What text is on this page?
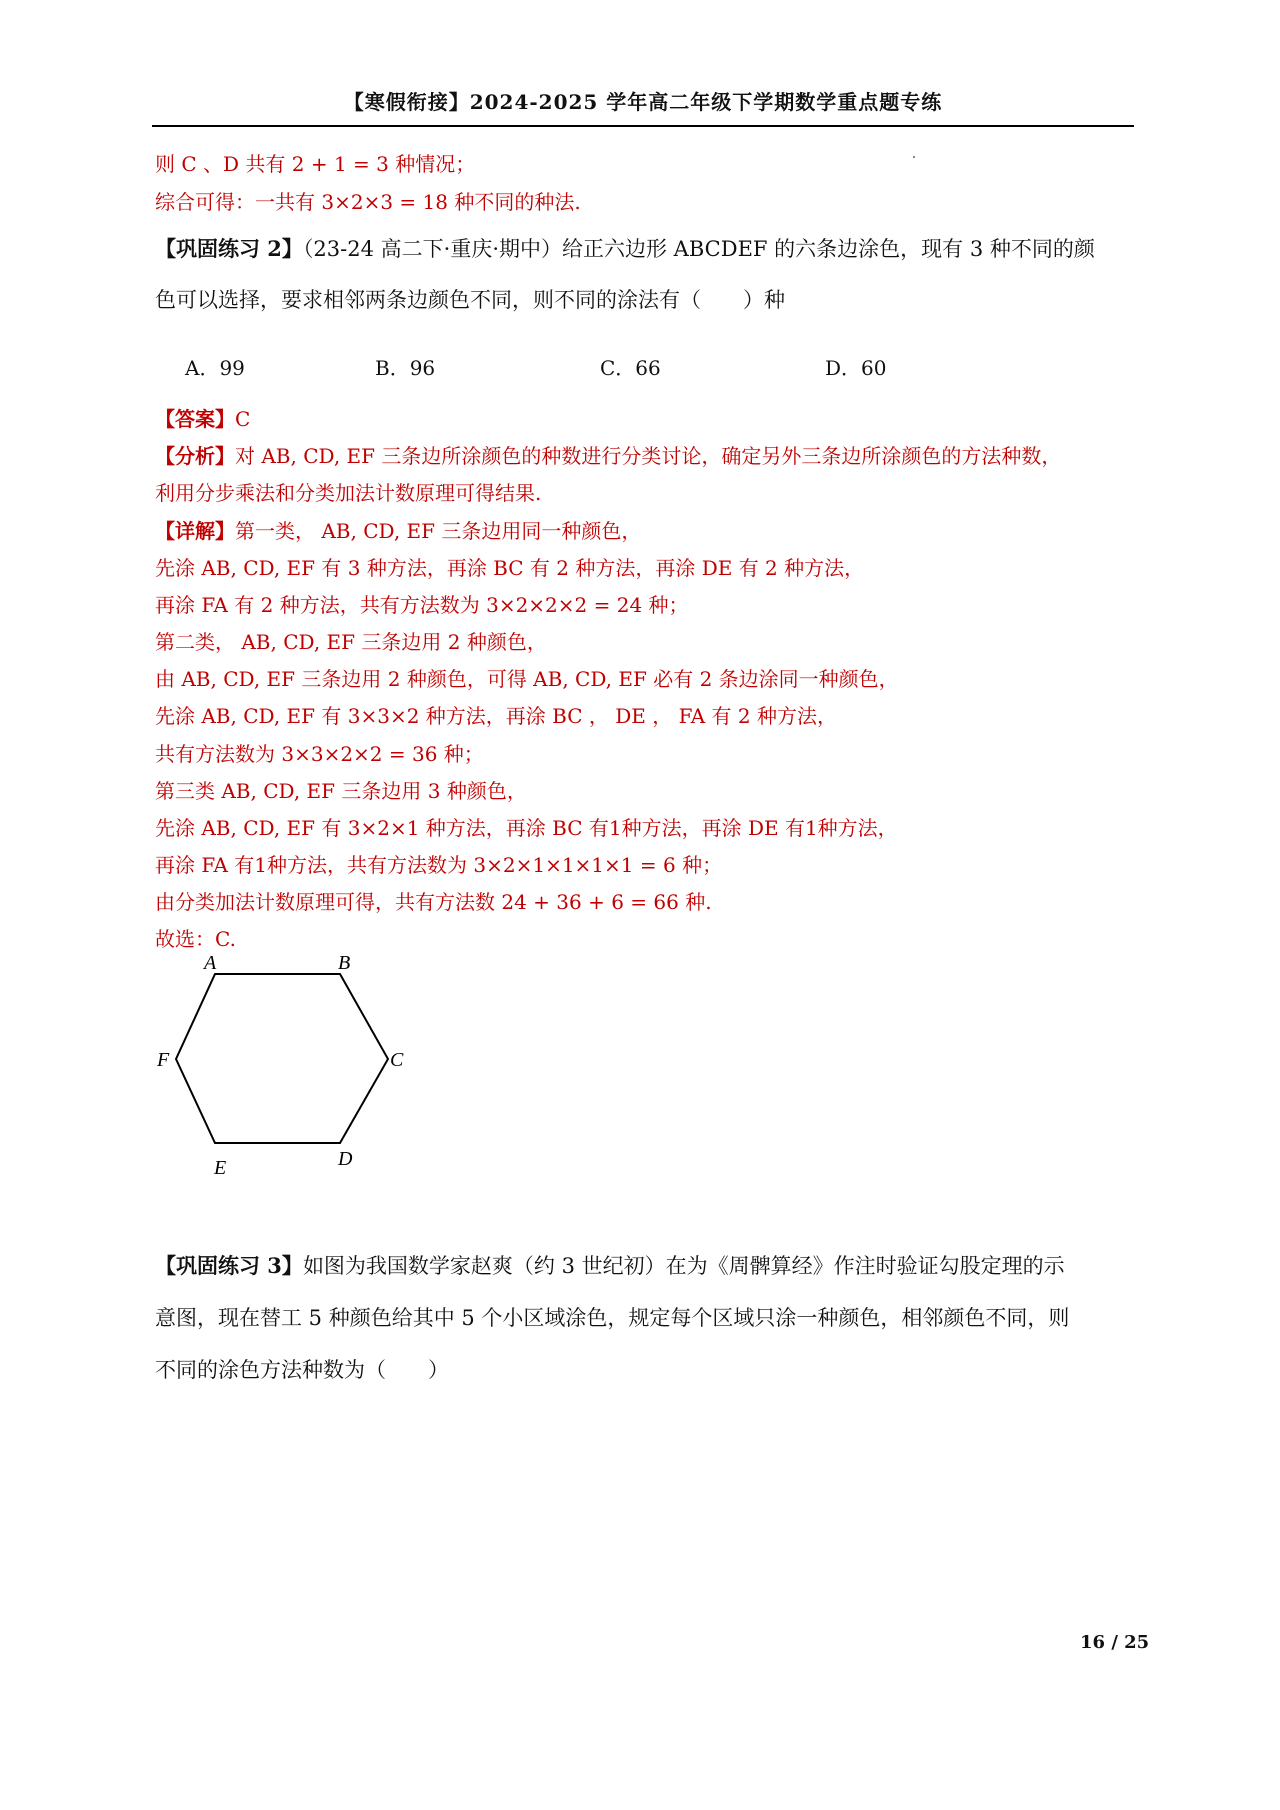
【寒假衔接】2024-2025 学年高二年级下学期数学重点题专练
则 C 、D 共有 2 + 1 = 3 种情况；
综合可得：一共有 3×2×3 = 18 种不同的种法.
【巩固练习 2】（23-24 高二下·重庆·期中）给正六边形 ABCDEF 的六条边涂色，现有 3 种不同的颜
色可以选择，要求相邻两条边颜色不同，则不同的涂法有（　　）种
A．99	B．96	C．66	D．60
【答案】C
【分析】对 AB, CD, EF 三条边所涂颜色的种数进行分类讨论，确定另外三条边所涂颜色的方法种数，
利用分步乘法和分类加法计数原理可得结果.
【详解】第一类， AB, CD, EF 三条边用同一种颜色，
先涂 AB, CD, EF 有 3 种方法，再涂 BC 有 2 种方法，再涂 DE 有 2 种方法，
再涂 FA 有 2 种方法，共有方法数为 3×2×2×2 = 24 种；
第二类， AB, CD, EF 三条边用 2 种颜色，
由 AB, CD, EF 三条边用 2 种颜色，可得 AB, CD, EF 必有 2 条边涂同一种颜色，
先涂 AB, CD, EF 有 3×3×2 种方法，再涂 BC ， DE ， FA 有 2 种方法，
共有方法数为 3×3×2×2 = 36 种；
第三类 AB, CD, EF 三条边用 3 种颜色，
先涂 AB, CD, EF 有 3×2×1 种方法，再涂 BC 有1种方法，再涂 DE 有1种方法，
再涂 FA 有1种方法，共有方法数为 3×2×1×1×1×1 = 6 种；
由分类加法计数原理可得，共有方法数 24 + 36 + 6 = 66 种.
故选：C.
A	B
C
D
E
F
【巩固练习 3】如图为我国数学家赵爽（约 3 世纪初）在为《周髀算经》作注时验证勾股定理的示
意图，现在替工 5 种颜色给其中 5 个小区域涂色，规定每个区域只涂一种颜色，相邻颜色不同，则
不同的涂色方法种数为（　　）
16 / 25
